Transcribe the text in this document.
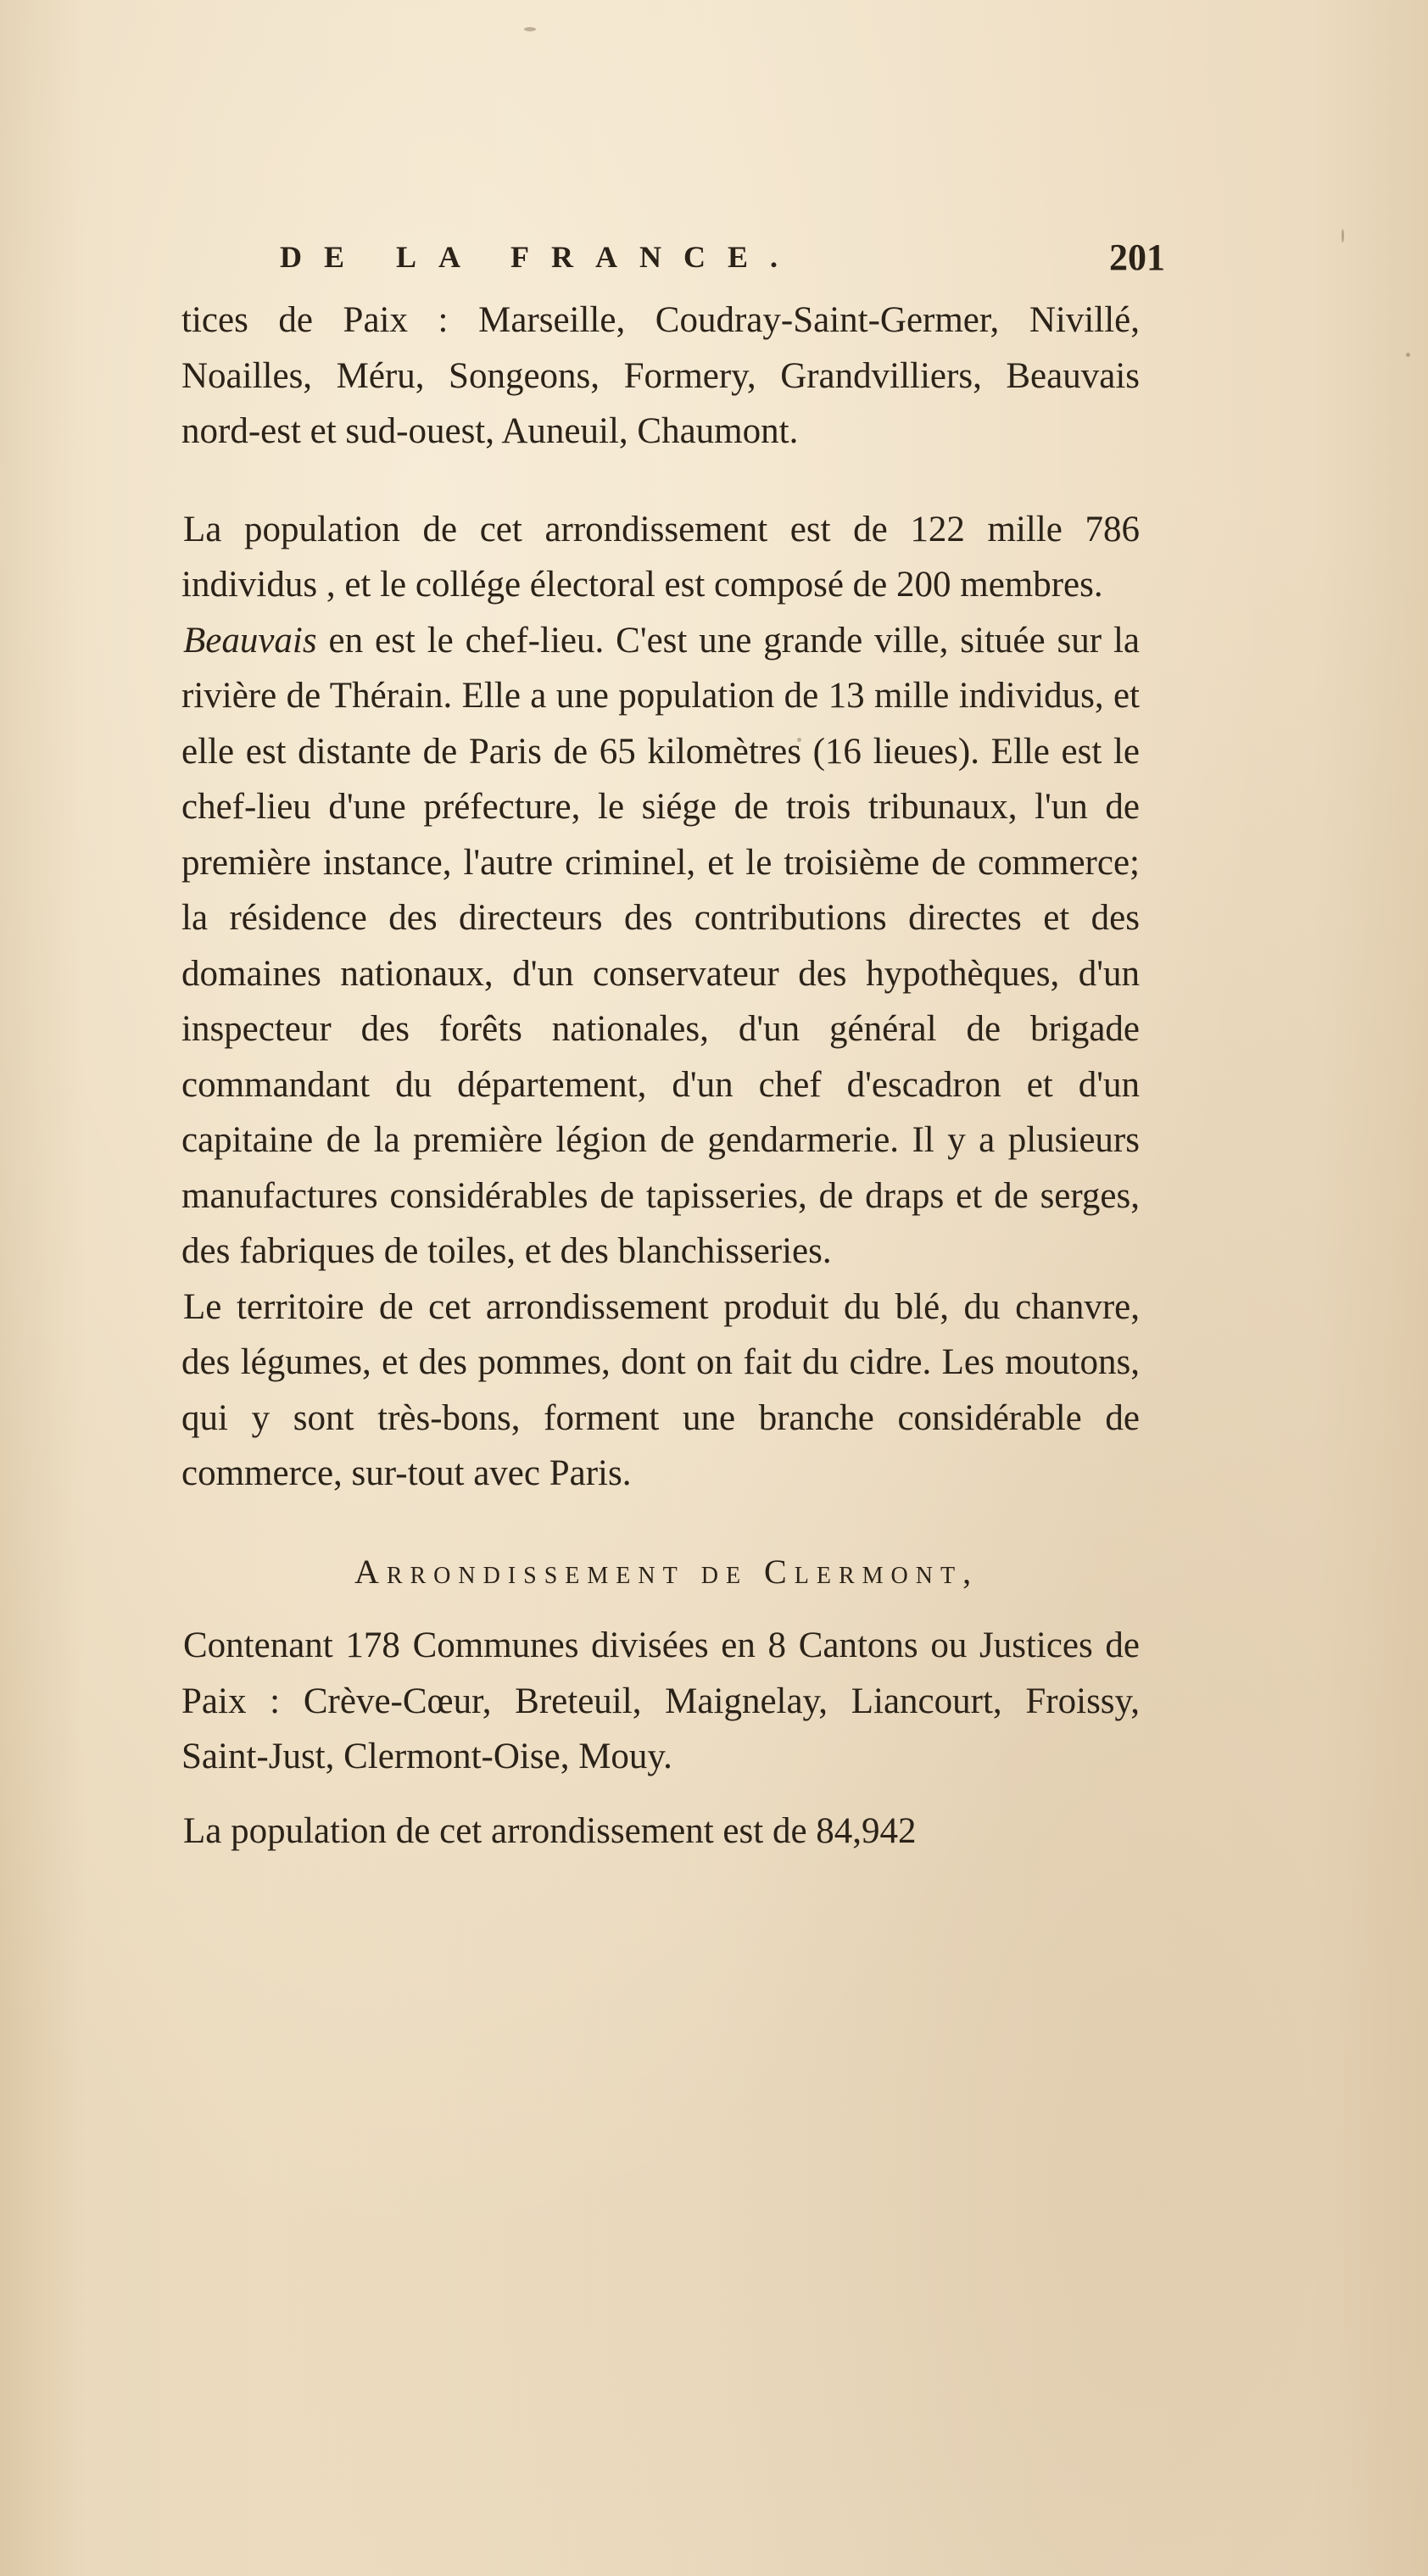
DE LA FRANCE.	201

tices de Paix : Marseille, Coudray-Saint-Germer, Nivillé, Noailles, Méru, Songeons, Formery, Grandvilliers, Beauvais nord-est et sud-ouest, Auneuil, Chaumont.

La population de cet arrondissement est de 122 mille 786 individus , et le collége électoral est composé de 200 membres.

Beauvais en est le chef-lieu. C'est une grande ville, située sur la rivière de Thérain. Elle a une population de 13 mille individus, et elle est distante de Paris de 65 kilomètres (16 lieues). Elle est le chef-lieu d'une préfecture, le siége de trois tribunaux, l'un de première instance, l'autre criminel, et le troisième de commerce; la résidence des directeurs des contributions directes et des domaines nationaux, d'un conservateur des hypothèques, d'un inspecteur des forêts nationales, d'un général de brigade commandant du département, d'un chef d'escadron et d'un capitaine de la première légion de gendarmerie. Il y a plusieurs manufactures considérables de tapisseries, de draps et de serges, des fabriques de toiles, et des blanchisseries.

Le territoire de cet arrondissement produit du blé, du chanvre, des légumes, et des pommes, dont on fait du cidre. Les moutons, qui y sont très-bons, forment une branche considérable de commerce, sur-tout avec Paris.

Arrondissement de Clermont,

Contenant 178 Communes divisées en 8 Cantons ou Justices de Paix : Crève-Cœur, Breteuil, Maignelay, Liancourt, Froissy, Saint-Just, Clermont-Oise, Mouy.

La population de cet arrondissement est de 84,942
